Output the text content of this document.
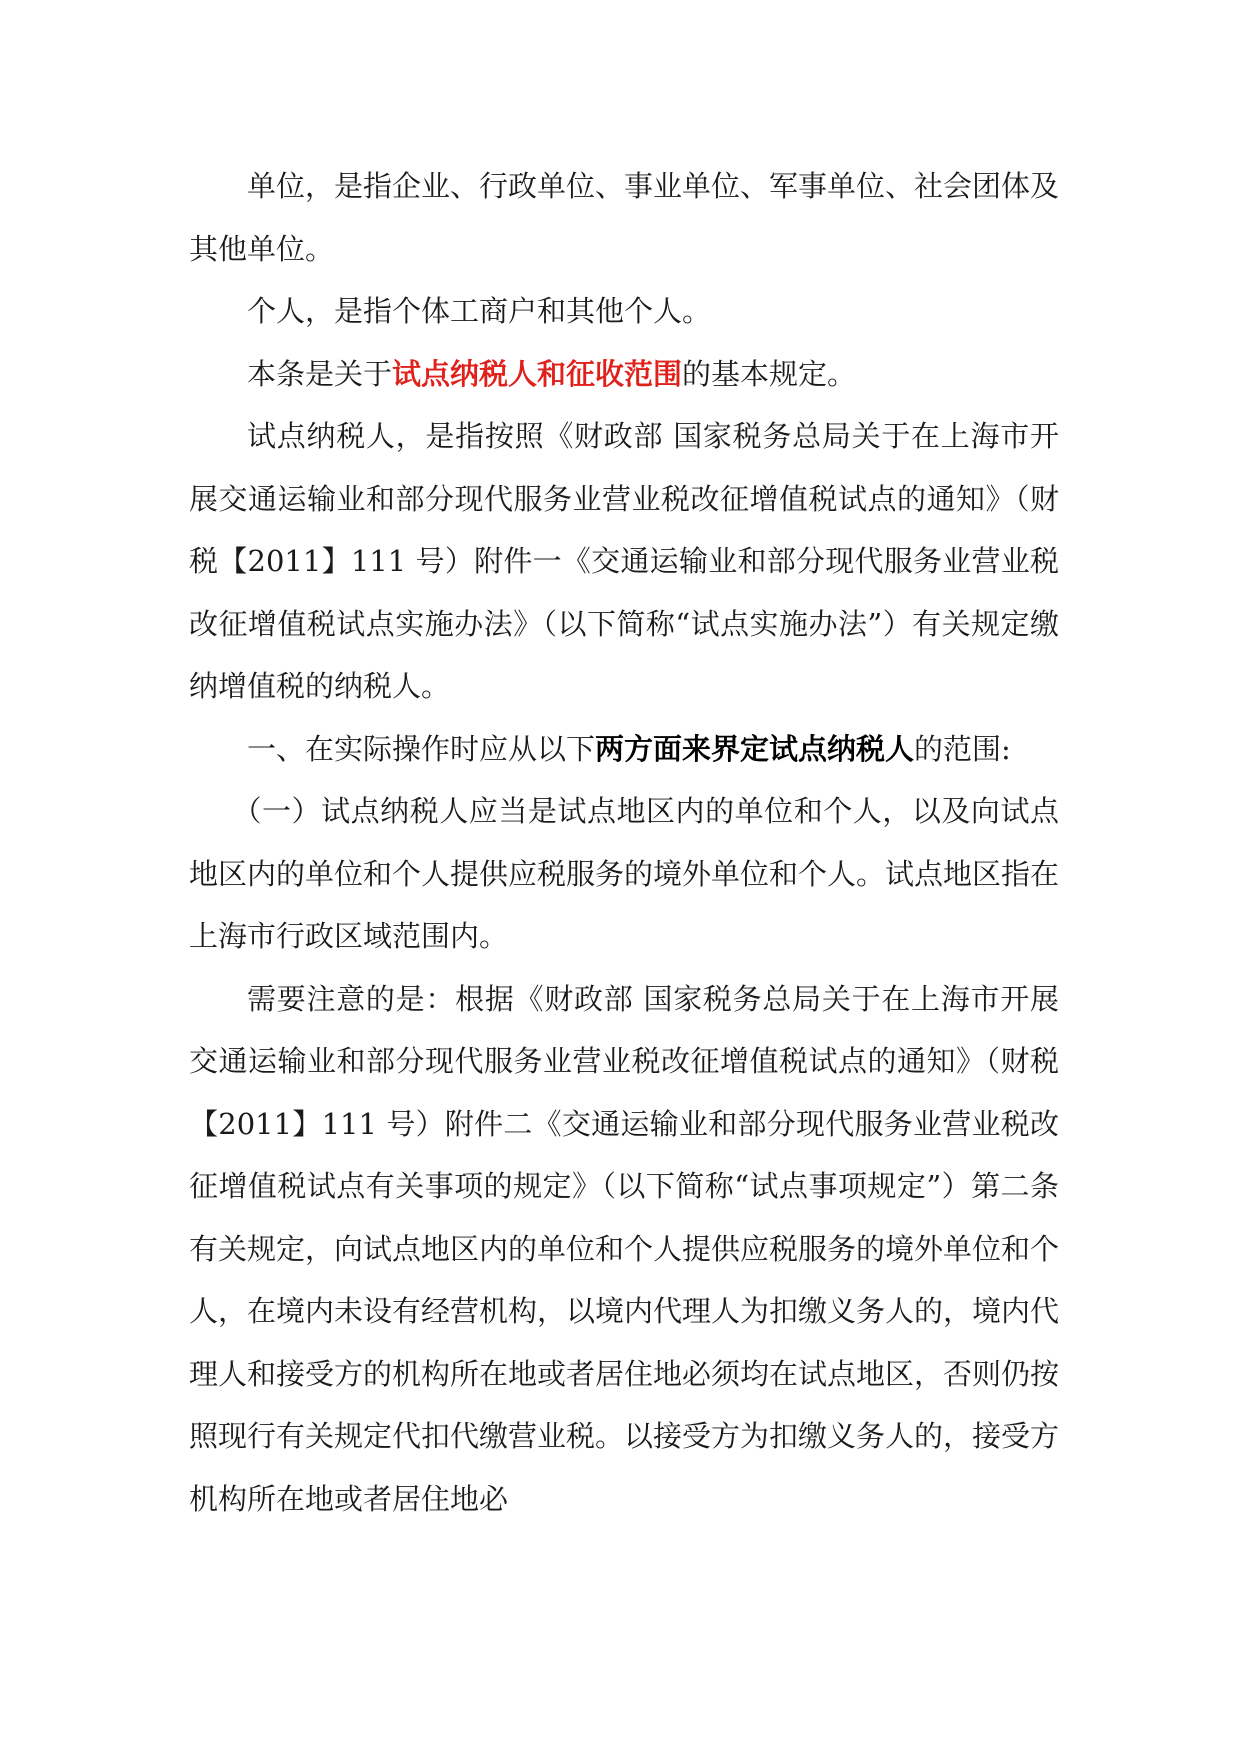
单位，是指企业、行政单位、事业单位、军事单位、社会团体及其他单位。

个人，是指个体工商户和其他个人。

本条是关于试点纳税人和征收范围的基本规定。

试点纳税人，是指按照《财政部 国家税务总局关于在上海市开展交通运输业和部分现代服务业营业税改征增值税试点的通知》（财税【2011】111 号）附件一《交通运输业和部分现代服务业营业税改征增值税试点实施办法》（以下简称“试点实施办法”）有关规定缴纳增值税的纳税人。

一、在实际操作时应从以下两方面来界定试点纳税人的范围:

（一）试点纳税人应当是试点地区内的单位和个人，以及向试点地区内的单位和个人提供应税服务的境外单位和个人。试点地区指在上海市行政区域范围内。

需要注意的是：根据《财政部 国家税务总局关于在上海市开展交通运输业和部分现代服务业营业税改征增值税试点的通知》（财税【2011】111 号）附件二《交通运输业和部分现代服务业营业税改征增值税试点有关事项的规定》（以下简称“试点事项规定”）第二条有关规定，向试点地区内的单位和个人提供应税服务的境外单位和个人，在境内未设有经营机构，以境内代理人为扣缴义务人的，境内代理人和接受方的机构所在地或者居住地必须均在试点地区，否则仍按照现行有关规定代扣代缴营业税。以接受方为扣缴义务人的，接受方机构所在地或者居住地必
